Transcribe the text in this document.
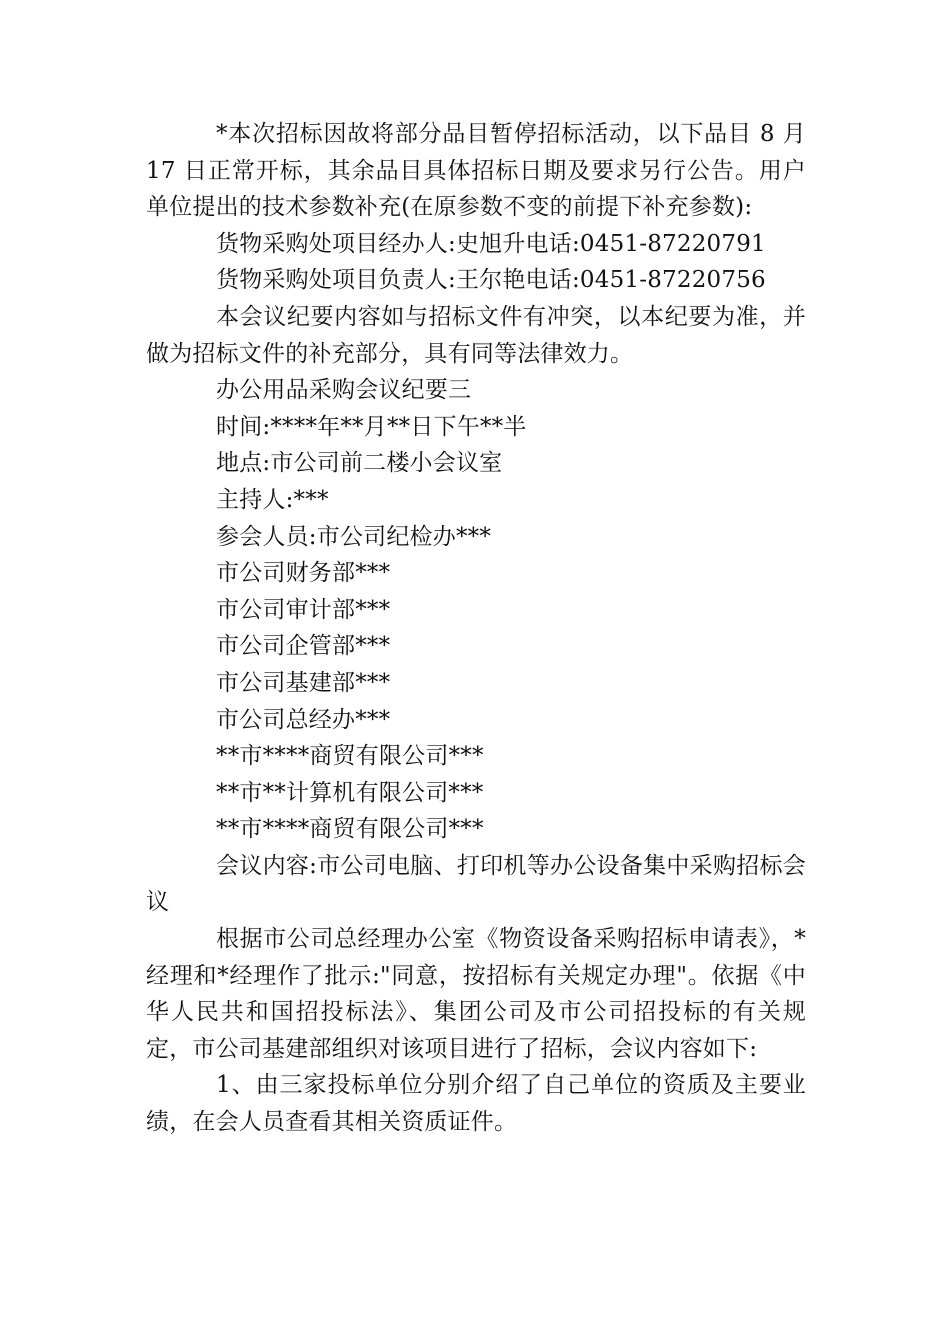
*本次招标因故将部分品目暂停招标活动，以下品目 8 月 17 日正常开标，其余品目具体招标日期及要求另行公告。用户单位提出的技术参数补充(在原参数不变的前提下补充参数):

货物采购处项目经办人:史旭升电话:0451-87220791

货物采购处项目负责人:王尔艳电话:0451-87220756

本会议纪要内容如与招标文件有冲突，以本纪要为准，并做为招标文件的补充部分，具有同等法律效力。

办公用品采购会议纪要三

时间:****年**月**日下午**半

地点:市公司前二楼小会议室

主持人:***

参会人员:市公司纪检办***

市公司财务部***

市公司审计部***

市公司企管部***

市公司基建部***

市公司总经办***

**市****商贸有限公司***

**市**计算机有限公司***

**市****商贸有限公司***

会议内容:市公司电脑、打印机等办公设备集中采购招标会议

根据市公司总经理办公室《物资设备采购招标申请表》，*经理和*经理作了批示:"同意，按招标有关规定办理"。依据《中华人民共和国招投标法》、集团公司及市公司招投标的有关规定，市公司基建部组织对该项目进行了招标，会议内容如下:

1、由三家投标单位分别介绍了自己单位的资质及主要业绩，在会人员查看其相关资质证件。
